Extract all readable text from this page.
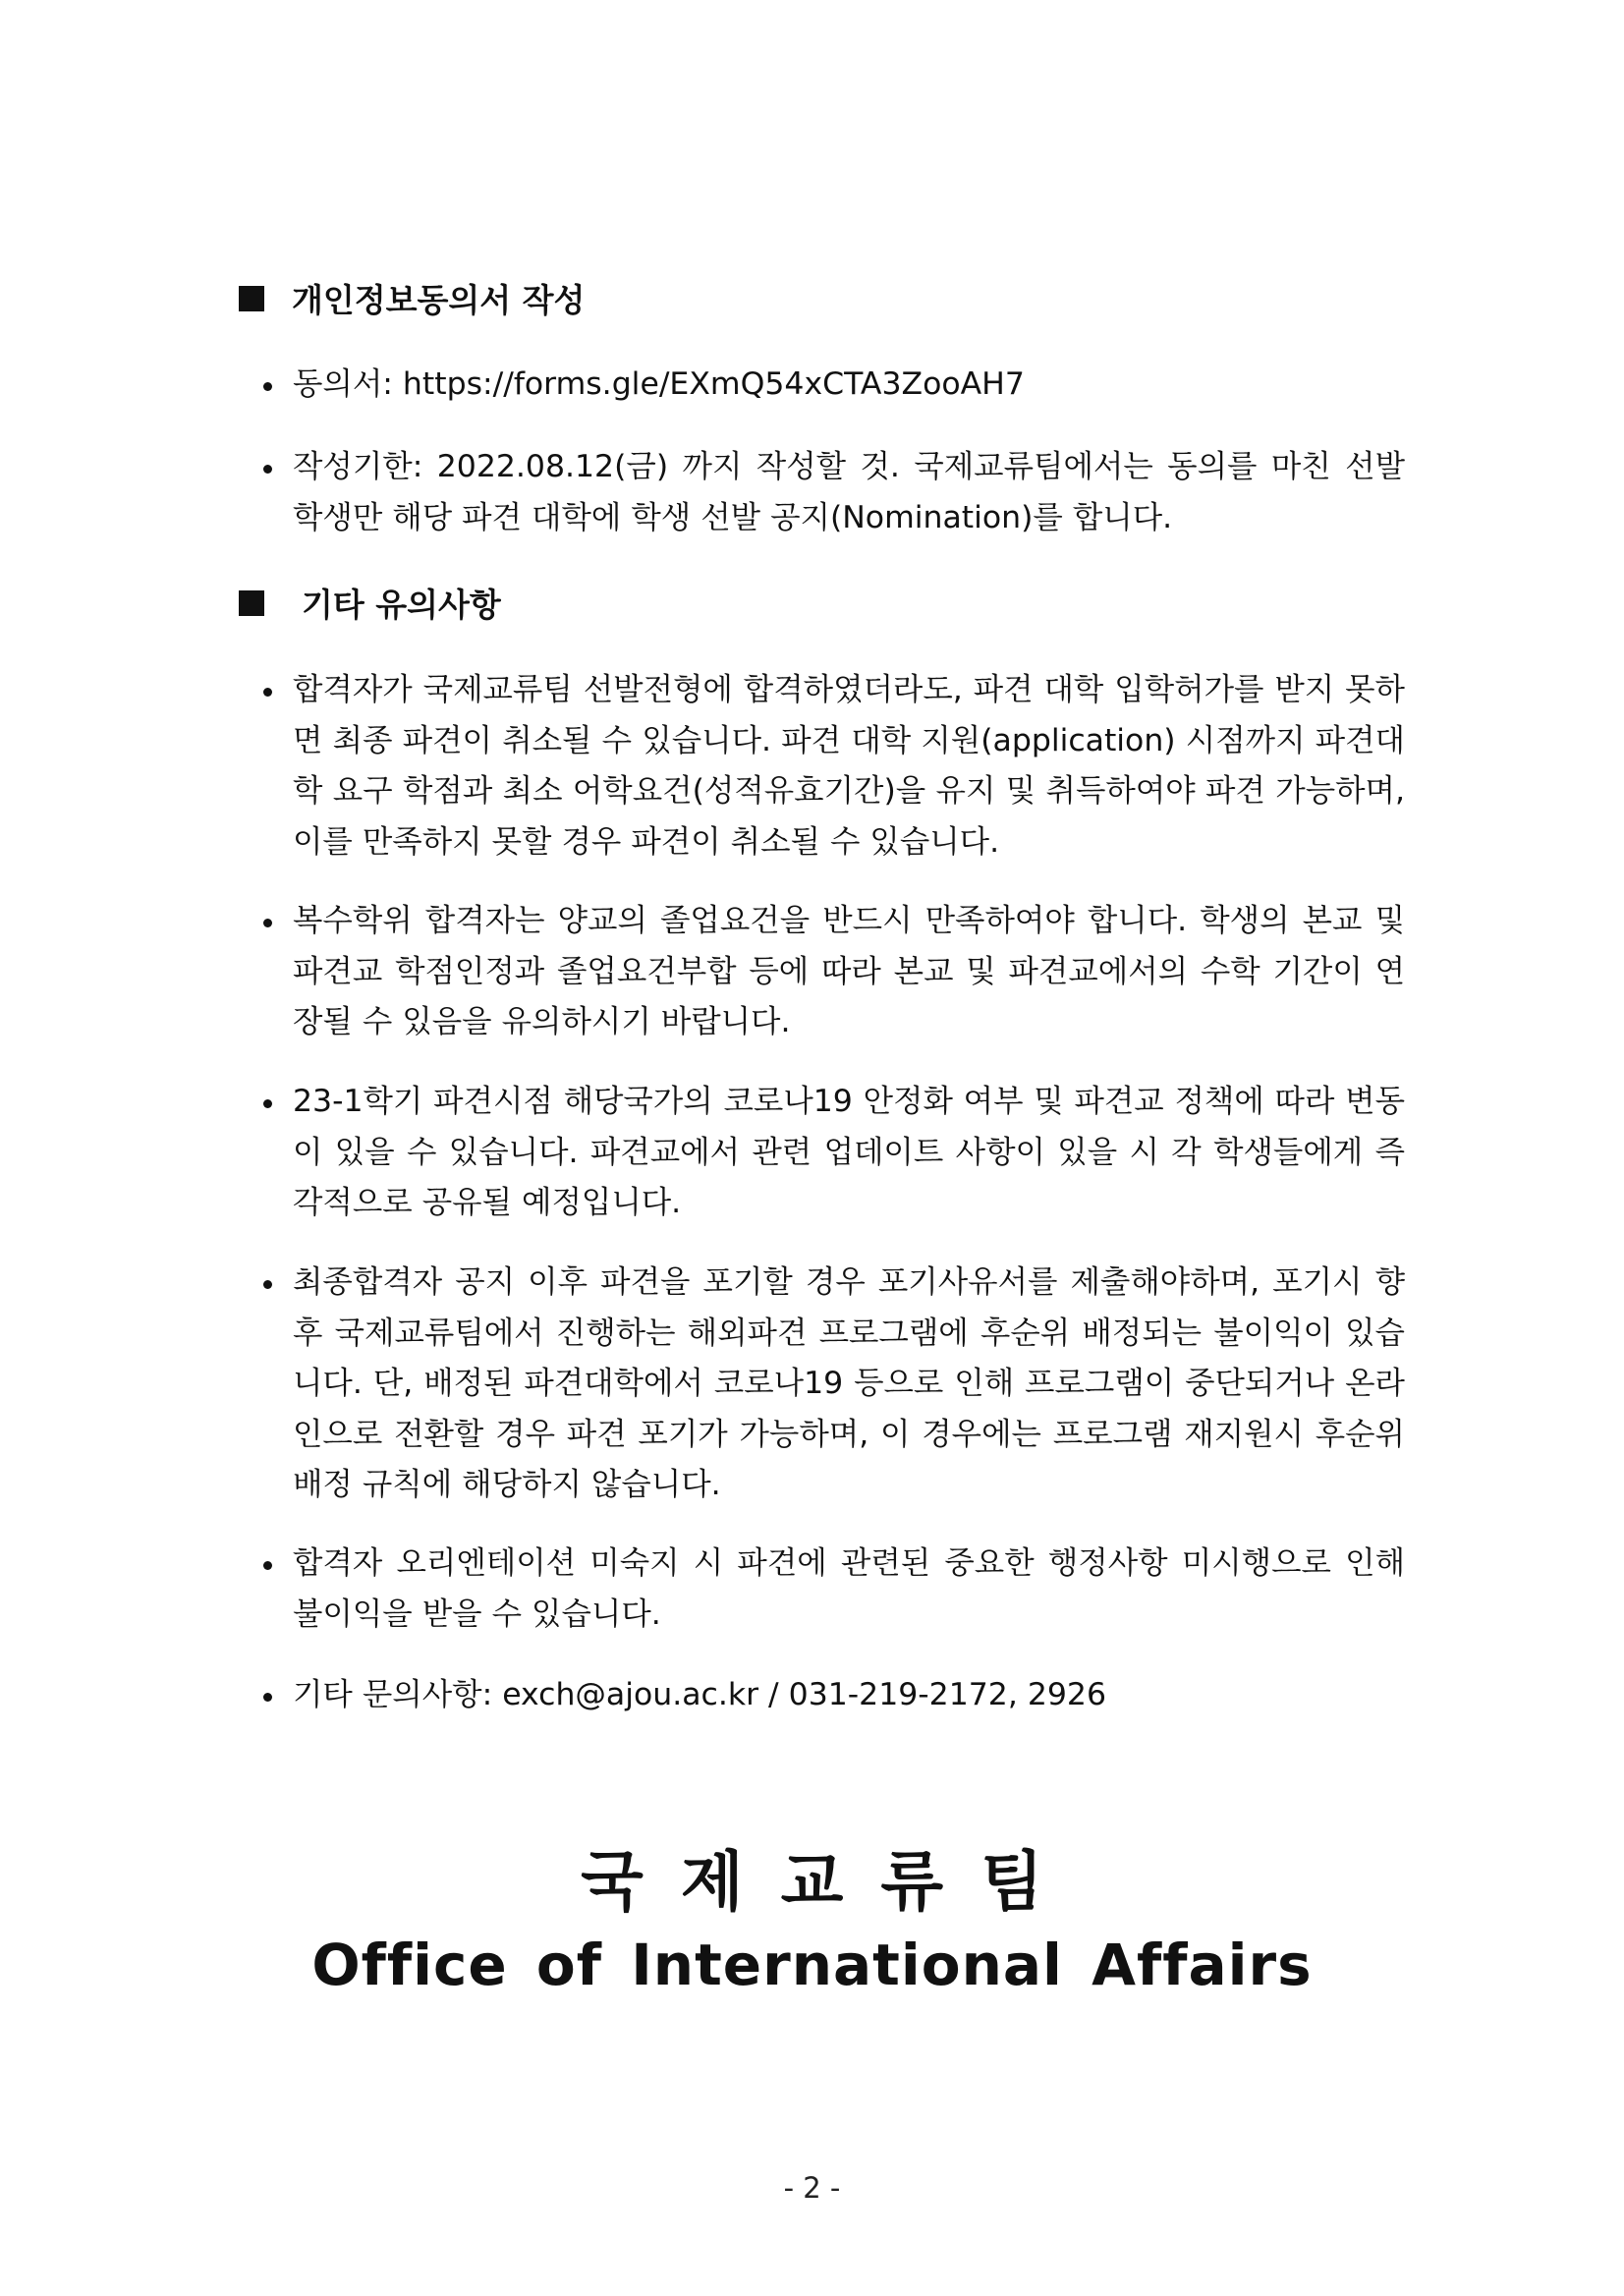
개인정보동의서 작성
동의서: https://forms.gle/EXmQ54xCTA3ZooAH7
작성기한: 2022.08.12(금) 까지 작성할 것. 국제교류팀에서는 동의를 마친 선발 학생만 해당 파견 대학에 학생 선발 공지(Nomination)를 합니다.
기타 유의사항
합격자가 국제교류팀 선발전형에 합격하였더라도, 파견 대학 입학허가를 받지 못하면 최종 파견이 취소될 수 있습니다. 파견 대학 지원(application) 시점까지 파견대학 요구 학점과 최소 어학요건(성적유효기간)을 유지 및 취득하여야 파견 가능하며, 이를 만족하지 못할 경우 파견이 취소될 수 있습니다.
복수학위 합격자는 양교의 졸업요건을 반드시 만족하여야 합니다. 학생의 본교 및 파견교 학점인정과 졸업요건부합 등에 따라 본교 및 파견교에서의 수학 기간이 연장될 수 있음을 유의하시기 바랍니다.
23-1학기 파견시점 해당국가의 코로나19 안정화 여부 및 파견교 정책에 따라 변동이 있을 수 있습니다. 파견교에서 관련 업데이트 사항이 있을 시 각 학생들에게 즉각적으로 공유될 예정입니다.
최종합격자 공지 이후 파견을 포기할 경우 포기사유서를 제출해야하며, 포기시 향후 국제교류팀에서 진행하는 해외파견 프로그램에 후순위 배정되는 불이익이 있습니다. 단, 배정된 파견대학에서 코로나19 등으로 인해 프로그램이 중단되거나 온라인으로 전환할 경우 파견 포기가 가능하며, 이 경우에는 프로그램 재지원시 후순위 배정 규칙에 해당하지 않습니다.
합격자 오리엔테이션 미숙지 시 파견에 관련된 중요한 행정사항 미시행으로 인해 불이익을 받을 수 있습니다.
기타 문의사항: exch@ajou.ac.kr / 031-219-2172, 2926
국제교류팀
Office of International Affairs
- 2 -
